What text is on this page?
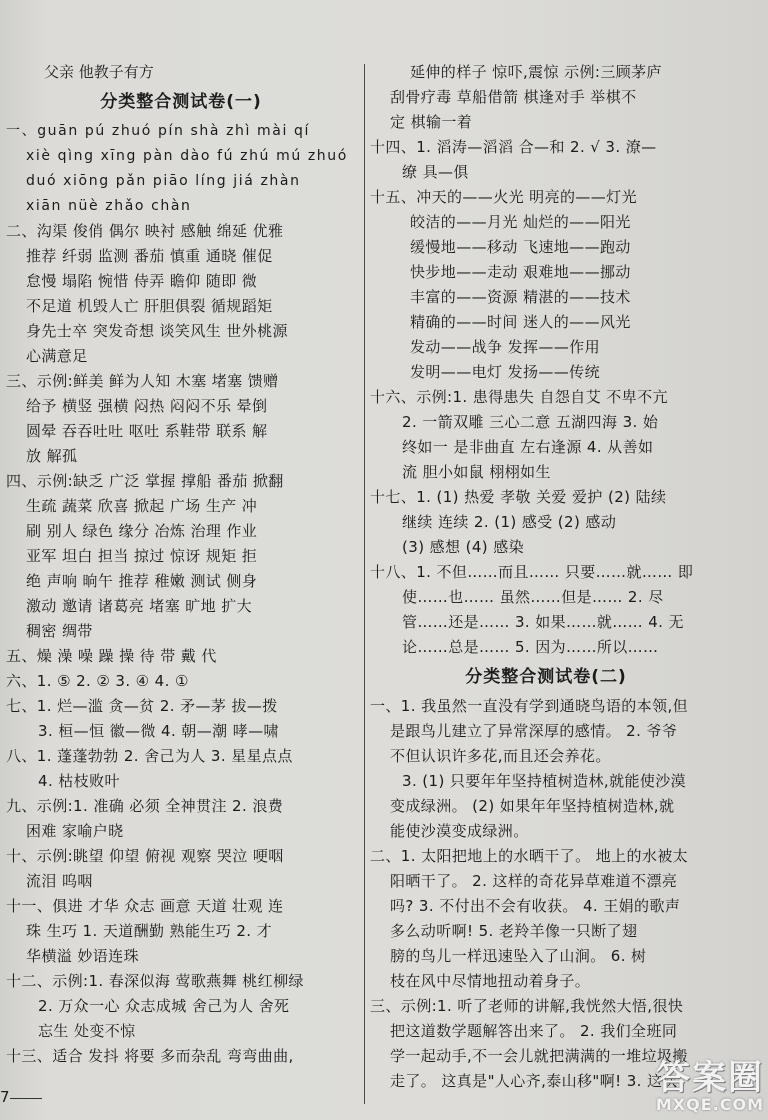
父亲 他教子有方
分类整合测试卷(一)
一、guān pú zhuó pín shà zhì mài qí
xiè qìng xīng pàn dào fú zhú mú zhuó
duó xiōng pǎn piāo líng jiá zhàn
xiān nüè zhǎo chàn
二、沟渠 俊俏 偶尔 映衬 感触 绵延 优雅
推荐 纤弱 监测 番茄 慎重 通晓 催促
怠慢 塌陷 惋惜 侍弄 瞻仰 随即 微
不足道 机毁人亡 肝胆俱裂 循规蹈矩
身先士卒 突发奇想 谈笑风生 世外桃源
心满意足
三、示例:鲜美 鲜为人知 木塞 堵塞 馈赠
给予 横竖 强横 闷热 闷闷不乐 晕倒
圆晕 吞吞吐吐 呕吐 系鞋带 联系 解
放 解孤
四、示例:缺乏 广泛 掌握 撑船 番茄 掀翻
生疏 蔬菜 欣喜 掀起 广场 生产 冲
刷 别人 绿色 缘分 冶炼 治理 作业
亚军 坦白 担当 掠过 惊讶 规矩 拒
绝 声响 晌午 推荐 稚嫩 测试 侧身
激动 邀请 诸葛亮 堵塞 旷地 扩大
稠密 绸带
五、燥 澡 噪 躁 操 待 带 戴 代
六、1. ⑤ 2. ② 3. ④ 4. ①
七、1. 烂—滥 贪—贫 2. 矛—茅 拔—拨
3. 桓—恒 徽—微 4. 朝—潮 哮—啸
八、1. 蓬蓬勃勃 2. 舍己为人 3. 星星点点
4. 枯枝败叶
九、示例:1. 准确 必须 全神贯注 2. 浪费
困难 家喻户晓
十、示例:眺望 仰望 俯视 观察 哭泣 哽咽
流泪 呜咽
十一、俱进 才华 众志 画意 天道 壮观 连
珠 生巧 1. 天道酬勤 熟能生巧 2. 才
华横溢 妙语连珠
十二、示例:1. 春深似海 莺歌燕舞 桃红柳绿
2. 万众一心 众志成城 舍己为人 舍死
忘生 处变不惊
十三、适合 发抖 将要 多而杂乱 弯弯曲曲,
延伸的样子 惊吓,震惊 示例:三顾茅庐
刮骨疗毒 草船借箭 棋逢对手 举棋不
定 棋输一着
十四、1. 滔涛—滔滔 合—和 2. √ 3. 潦—
缭 具—俱
十五、冲天的——火光 明亮的——灯光
皎洁的——月光 灿烂的——阳光
缓慢地——移动 飞速地——跑动
快步地——走动 艰难地——挪动
丰富的——资源 精湛的——技术
精确的——时间 迷人的——风光
发动——战争 发挥——作用
发明——电灯 发扬——传统
十六、示例:1. 患得患失 自怨自艾 不卑不亢
2. 一箭双雕 三心二意 五湖四海 3. 始
终如一 是非曲直 左右逢源 4. 从善如
流 胆小如鼠 栩栩如生
十七、1. (1) 热爱 孝敬 关爱 爱护 (2) 陆续
继续 连续 2. (1) 感受 (2) 感动
(3) 感想 (4) 感染
十八、1. 不但……而且…… 只要……就…… 即
使……也…… 虽然……但是…… 2. 尽
管……还是…… 3. 如果……就…… 4. 无
论……总是…… 5. 因为……所以……
分类整合测试卷(二)
一、1. 我虽然一直没有学到通晓鸟语的本领,但
是跟鸟儿建立了异常深厚的感情。 2. 爷爷
不但认识许多花,而且还会养花。
3. (1) 只要年年坚持植树造林,就能使沙漠
变成绿洲。 (2) 如果年年坚持植树造林,就
能使沙漠变成绿洲。
二、1. 太阳把地上的水晒干了。 地上的水被太
阳晒干了。 2. 这样的奇花异草难道不漂亮
吗? 3. 不付出不会有收获。 4. 王娟的歌声
多么动听啊! 5. 老羚羊像一只断了翅
膀的鸟儿一样迅速坠入了山涧。 6. 树
枝在风中尽情地扭动着身子。
三、示例:1. 听了老师的讲解,我恍然大悟,很快
把这道数学题解答出来了。 2. 我们全班同
学一起动手,不一会儿就把满满的一堆垃圾搬
走了。 这真是"人心齐,泰山移"啊! 3. 这次
7	答案圈
MXQE.COM
